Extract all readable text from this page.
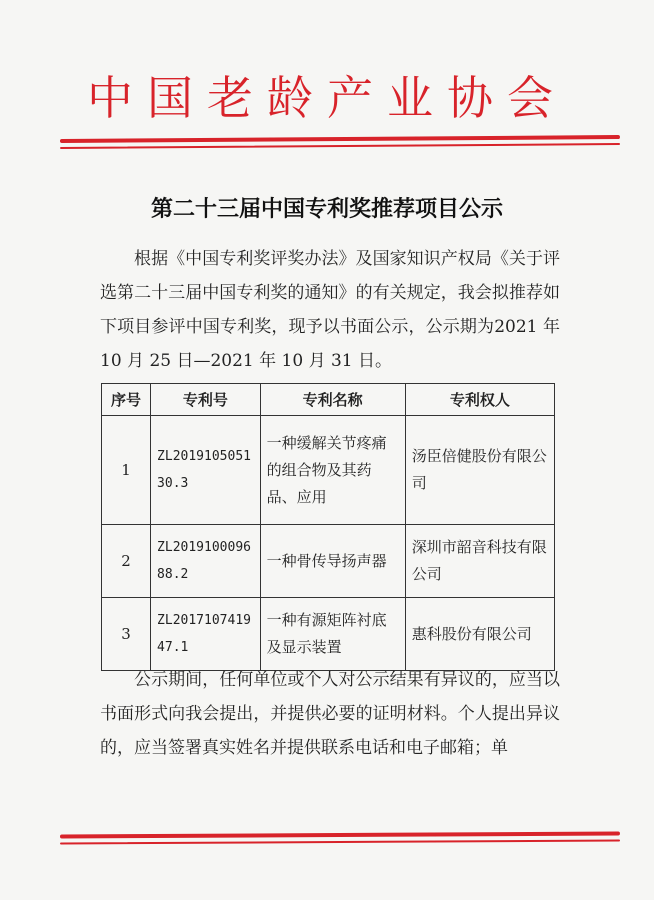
中国老龄产业协会
第二十三届中国专利奖推荐项目公示
根据《中国专利奖评奖办法》及国家知识产权局《关于评选第二十三届中国专利奖的通知》的有关规定，我会拟推荐如下项目参评中国专利奖，现予以书面公示，公示期为2021 年 10 月 25 日—2021 年 10 月 31 日。
序号	专利号	专利名称	专利权人
1	ZL201910505130.3	一种缓解关节疼痛的组合物及其药品、应用	汤臣倍健股份有限公司
2	ZL201910009688.2	一种骨传导扬声器	深圳市韶音科技有限公司
3	ZL201710741947.1	一种有源矩阵衬底及显示装置	惠科股份有限公司
公示期间，任何单位或个人对公示结果有异议的，应当以书面形式向我会提出，并提供必要的证明材料。个人提出异议的，应当签署真实姓名并提供联系电话和电子邮箱；单
